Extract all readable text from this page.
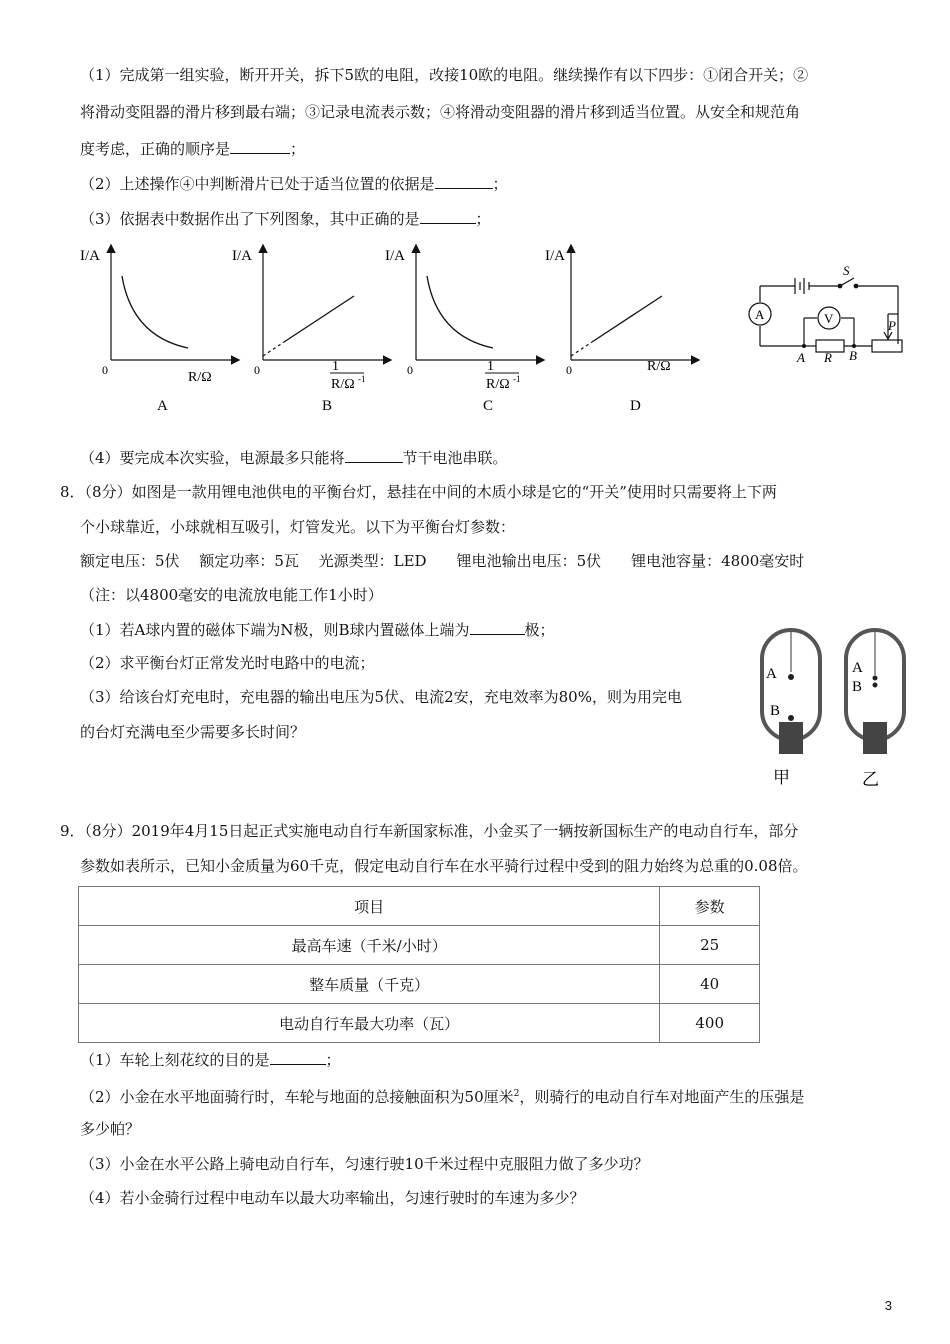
（1）完成第一组实验，断开开关，拆下5欧的电阻，改接10欧的电阻。继续操作有以下四步：①闭合开关；②
将滑动变阻器的滑片移到最右端；③记录电流表示数；④将滑动变阻器的滑片移到适当位置。从安全和规范角
度考虑，正确的顺序是	；
（2）上述操作④中判断滑片已处于适当位置的依据是	；
（3）依据表中数据作出了下列图象，其中正确的是	；
I/A
0	R/Ω
A
I/A
0	1
R/Ω -1
B
I/A
0	1
R/Ω -1
C
I/A
0	R/Ω
D
S
A	V	P
A R B
（4）要完成本次实验，电源最多只能将	节干电池串联。
8．（8分）如图是一款用锂电池供电的平衡台灯，悬挂在中间的木质小球是它的“开关”使用时只需要将上下两
个小球靠近，小球就相互吸引，灯管发光。以下为平衡台灯参数：
额定电压：5伏　 额定功率：5瓦　 光源类型：LED　　锂电池输出电压：5伏　　锂电池容量：4800毫安时
（注：以4800毫安的电流放电能工作1小时）
（1）若A球内置的磁体下端为N极，则B球内置磁体上端为	极；
（2）求平衡台灯正常发光时电路中的电流；
（3）给该台灯充电时，充电器的输出电压为5伏、电流2安，充电效率为80%，则为用完电
的台灯充满电至少需要多长时间？
A
B
甲
A
B
乙
9．（8分）2019年4月15日起正式实施电动自行车新国家标准，小金买了一辆按新国标生产的电动自行车，部分
参数如表所示，已知小金质量为60千克，假定电动自行车在水平骑行过程中受到的阻力始终为总重的0.08倍。
项目	参数
最高车速（千米/小时）	25
整车质量（千克）	40
电动自行车最大功率（瓦）	400
（1）车轮上刻花纹的目的是	；
（2）小金在水平地面骑行时，车轮与地面的总接触面积为50厘米$^2$，则骑行的电动自行车对地面产生的压强是
多少帕？
（3）小金在水平公路上骑电动自行车，匀速行驶10千米过程中克服阻力做了多少功？
（4）若小金骑行过程中电动车以最大功率输出，匀速行驶时的车速为多少？
3
